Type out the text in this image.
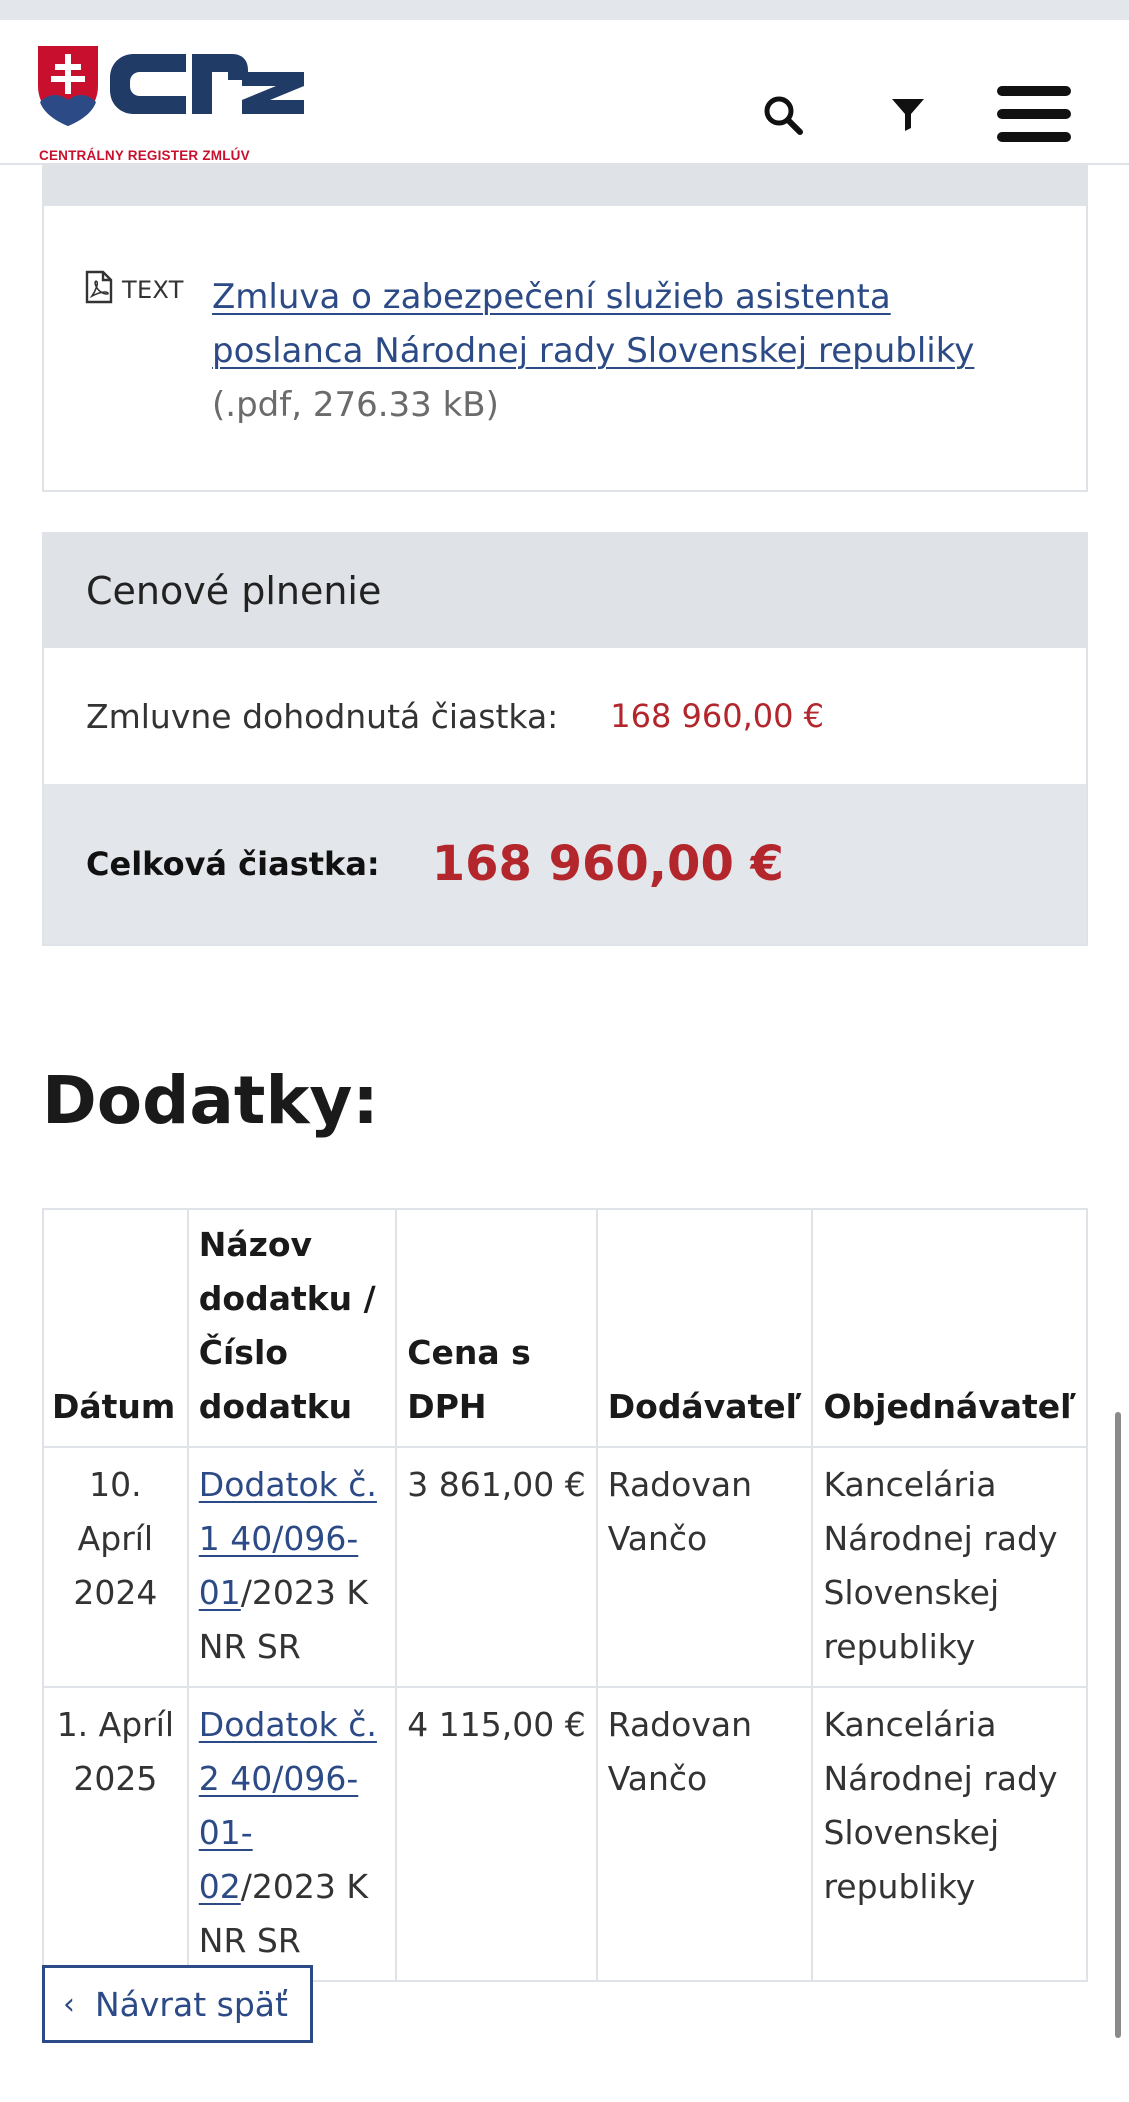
CENTRÁLNY REGISTER ZMLÚV
TEXT Zmluva o zabezpečení služieb asistenta poslanca Národnej rady Slovenskej republiky (.pdf, 276.33 kB)
Cenové plnenie
Zmluvne dohodnutá čiastka: 168 960,00 €
Celková čiastka: 168 960,00 €
Dodatky:
Dátum	Názov dodatku / Číslo dodatku	Cena s DPH	Dodávateľ	Objednávateľ
10. Apríl 2024	Dodatok č. 1 40/096-01/2023 K NR SR	3 861,00 €	Radovan Vančo	Kancelária Národnej rady Slovenskej republiky
1. Apríl 2025	Dodatok č. 2 40/096-01-02/2023 K NR SR	4 115,00 €	Radovan Vančo	Kancelária Národnej rady Slovenskej republiky
‹ Návrat späť
